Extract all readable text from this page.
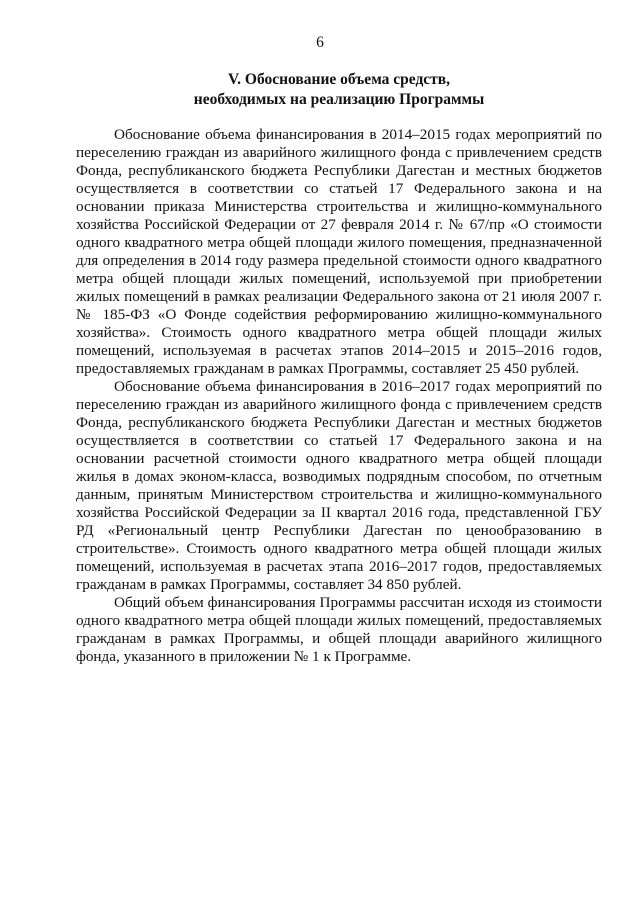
6
V. Обоснование объема средств,
необходимых на реализацию Программы

Обоснование объема финансирования в 2014–2015 годах мероприятий по переселению граждан из аварийного жилищного фонда с привлечением средств Фонда, республиканского бюджета Республики Дагестан и местных бюджетов осуществляется в соответствии со статьей 17 Федерального закона и на основании приказа Министерства строительства и жилищно-коммунального хозяйства Российской Федерации от 27 февраля 2014 г. № 67/пр «О стоимости одного квадратного метра общей площади жилого помещения, предназначенной для определения в 2014 году размера предельной стоимости одного квадратного метра общей площади жилых помещений, используемой при приобретении жилых помещений в рамках реализации Федерального закона от 21 июля 2007 г. № 185-ФЗ «О Фонде содействия реформированию жилищно-коммунального хозяйства». Стоимость одного квадратного метра общей площади жилых помещений, используемая в расчетах этапов 2014–2015 и 2015–2016 годов, предоставляемых гражданам в рамках Программы, составляет 25 450 рублей.

Обоснование объема финансирования в 2016–2017 годах мероприятий по переселению граждан из аварийного жилищного фонда с привлечением средств Фонда, республиканского бюджета Республики Дагестан и местных бюджетов осуществляется в соответствии со статьей 17 Федерального закона и на основании расчетной стоимости одного квадратного метра общей площади жилья в домах эконом-класса, возводимых подрядным способом, по отчетным данным, принятым Министерством строительства и жилищно-коммунального хозяйства Российской Федерации за II квартал 2016 года, представленной ГБУ РД «Региональный центр Республики Дагестан по ценообразованию в строительстве». Стоимость одного квадратного метра общей площади жилых помещений, используемая в расчетах этапа 2016–2017 годов, предоставляемых гражданам в рамках Программы, составляет 34 850 рублей.

Общий объем финансирования Программы рассчитан исходя из стоимости одного квадратного метра общей площади жилых помещений, предоставляемых гражданам в рамках Программы, и общей площади аварийного жилищного фонда, указанного в приложении № 1 к Программе.
